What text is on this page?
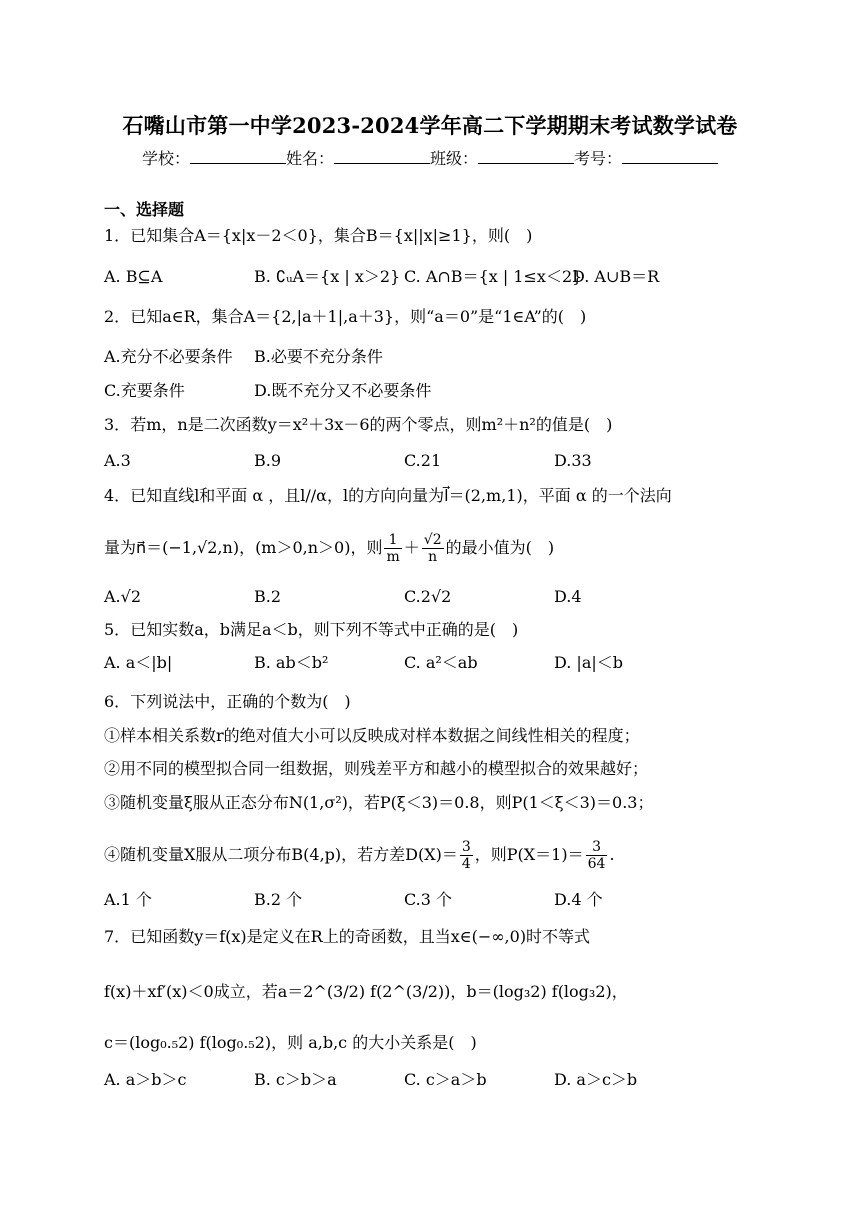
石嘴山市第一中学2023-2024学年高二下学期期末考试数学试卷
学校：	姓名：	班级：	考号：
一、选择题
1．已知集合A＝{x|x－2＜0}，集合B＝{x||x|≥1}，则(　)
A. B⊆A	B. ∁ᵤA＝{x | x＞2} C. A∩B＝{x | 1≤x＜2}
D. A∪B＝R
2．已知a∈R，集合A＝{2,|a＋1|,a＋3}，则“a＝0”是“1∈A”的(　)
A.充分不必要条件 B.必要不充分条件
C.充要条件	D.既不充分又不必要条件
3．若m，n是二次函数y＝x²＋3x－6的两个零点，则m²＋n²的值是(　)
A.3	B.9	C.21	D.33
4．已知直线l和平面 α ，且l//α，l的方向向量为l⃗＝(2,m,1)，平面 α 的一个法向
量为n⃗＝(−1,√2,n)，(m＞0,n＞0)，则 $\frac{1}{m} + \frac{√2}{n}$ 的最小值为(　)
A.√2	B.2	C.2√2	D.4
5．已知实数a，b满足a＜b，则下列不等式中正确的是(　)
A. a＜|b|	B. ab＜b²	C. a²＜ab	D. |a|＜b
6．下列说法中，正确的个数为(　)
①样本相关系数r的绝对值大小可以反映成对样本数据之间线性相关的程度；
②用不同的模型拟合同一组数据，则残差平方和越小的模型拟合的效果越好；
③随机变量ξ服从正态分布N(1,σ²)，若P(ξ＜3)＝0.8，则P(1＜ξ＜3)＝0.3；
④随机变量X服从二项分布B(4,p)，若方差$D(X)= \frac{3}{4}$ ，则$P(X=1)= \frac{3}{64}$ .
A.1 个	B.2 个	C.3 个	D.4 个
7．已知函数y＝f(x)是定义在R上的奇函数，且当x∈(−∞,0)时不等式
f(x)＋xf′(x)＜0成立，若a＝2^(3/2) f(2^(3/2))，b＝(log₃2) f(log₃2)，
c＝(log₀.₅2) f(log₀.₅2)，则 a,b,c 的大小关系是(　)
A. a＞b＞c	B. c＞b＞a	C. c＞a＞b	D. a＞c＞b
